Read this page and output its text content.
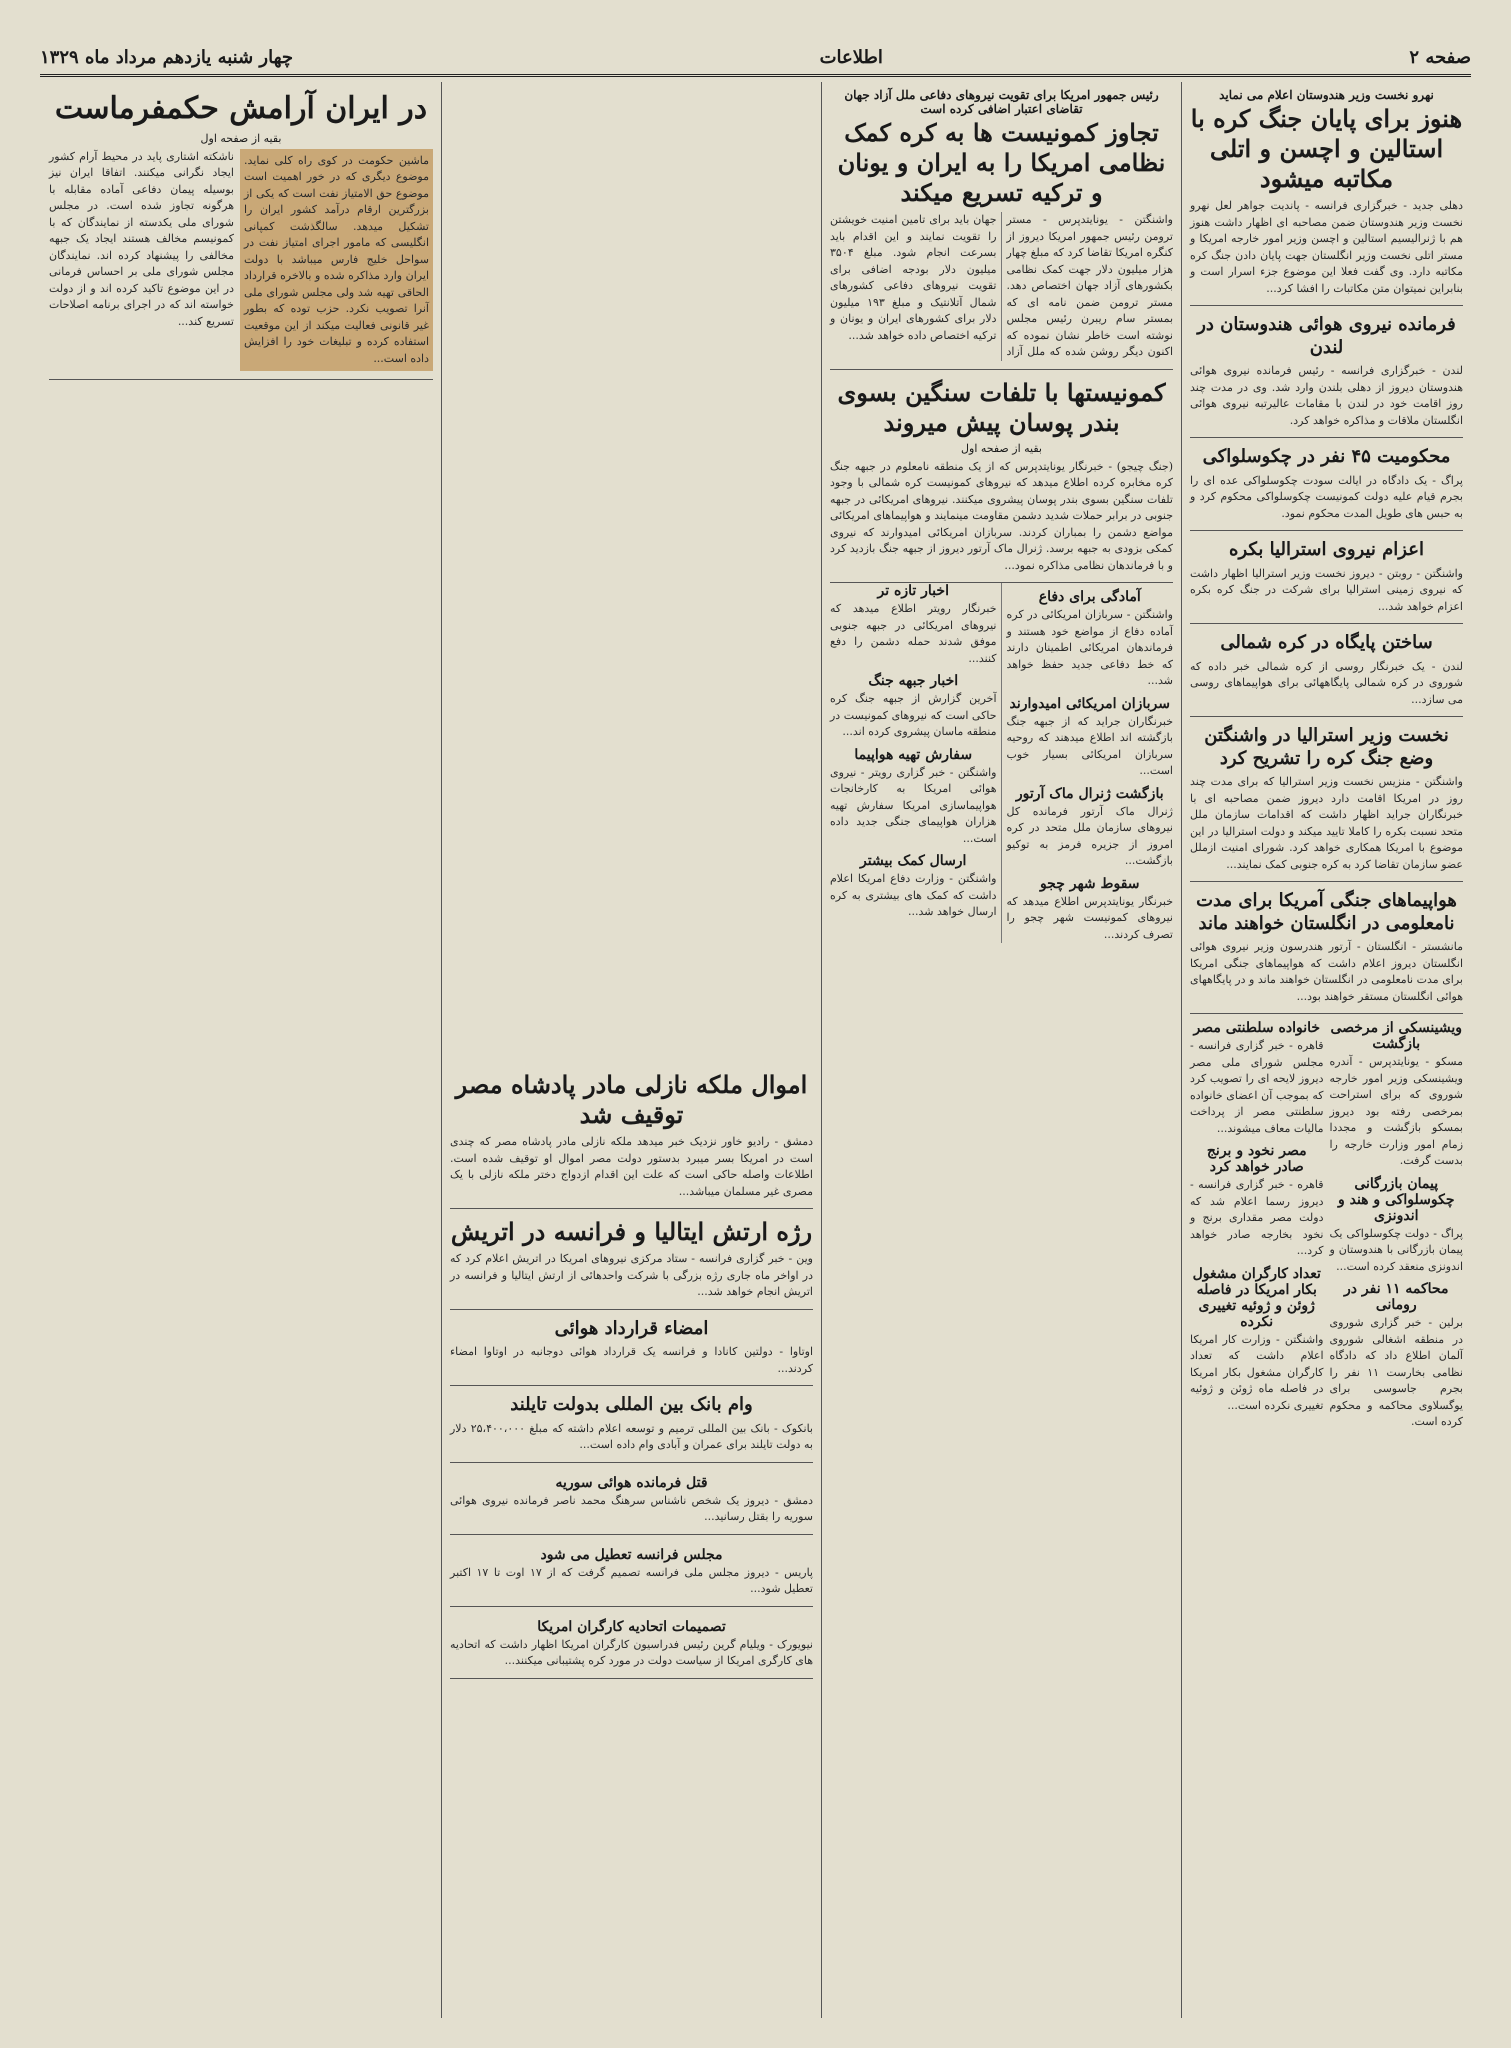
صفحه ۲
اطلاعات
چهار شنبه یازدهم مرداد ماه ۱۳۲۹
نهرو نخست وزیر هندوستان اعلام می نماید
هنوز برای پایان جنگ کره با استالین و اچسن و اتلی مکاتبه میشود
دهلی جدید - خبرگزاری فرانسه - پاندیت جواهر لعل نهرو نخست وزیر هندوستان ضمن مصاحبه ای اظهار داشت هنوز هم با ژنرالیسیم استالین و اچسن وزیر امور خارجه امریکا و مستر اتلی نخست وزیر انگلستان جهت پایان دادن جنگ کره مکاتبه دارد. وی گفت فعلا این موضوع جزء اسرار است و بنابراین نمیتوان متن مکاتبات را افشا کرد...
فرمانده نیروی هوائی هندوستان در لندن
لندن - خبرگزاری فرانسه - رئیس فرمانده نیروی هوائی هندوستان دیروز از دهلی بلندن وارد شد. وی در مدت چند روز اقامت خود در لندن با مقامات عالیرتبه نیروی هوائی انگلستان ملاقات و مذاکره خواهد کرد.
محکومیت ۴۵ نفر در چکوسلواکی
پراگ - یک دادگاه در ایالت سودت چکوسلواکی عده ای را بجرم قیام علیه دولت کمونیست چکوسلواکی محکوم کرد و به حبس های طویل المدت محکوم نمود.
اعزام نیروی استرالیا بکره
واشنگتن - روبتن - دیروز نخست وزیر استرالیا اظهار داشت که نیروی زمینی استرالیا برای شرکت در جنگ کره بکره اعزام خواهد شد...
ساختن پایگاه در کره شمالی
لندن - یک خبرنگار روسی از کره شمالی خبر داده که شوروی در کره شمالی پایگاههائی برای هواپیماهای روسی می سازد...
نخست وزیر استرالیا در واشنگتن وضع جنگ کره را تشریح کرد
واشنگتن - منزیس نخست وزیر استرالیا که برای مدت چند روز در امریکا اقامت دارد دیروز ضمن مصاحبه ای با خبرنگاران جراید اظهار داشت که اقدامات سازمان ملل متحد نسبت بکره را کاملا تایید میکند و دولت استرالیا در این موضوع با امریکا همکاری خواهد کرد. شورای امنیت ازملل عضو سازمان تقاضا کرد به کره جنوبی کمک نمایند...
هواپیماهای جنگی آمریکا برای مدت نامعلومی در انگلستان خواهند ماند
مانشستر - انگلستان - آرتور هندرسون وزیر نیروی هوائی انگلستان دیروز اعلام داشت که هواپیماهای جنگی امریکا برای مدت نامعلومی در انگلستان خواهند ماند و در پایگاههای هوائی انگلستان مستقر خواهند بود...
ویشینسکی از مرخصی بازگشت
مسکو - یونایتدپرس - آندره ویشینسکی وزیر امور خارجه شوروی که برای استراحت بمرخصی رفته بود دیروز بمسکو بازگشت و مجددا زمام امور وزارت خارجه را بدست گرفت.
پیمان بازرگانی چکوسلواکی و هند و اندونزی
پراگ - دولت چکوسلواکی یک پیمان بازرگانی با هندوستان و اندونزی منعقد کرده است...
محاکمه ۱۱ نفر در رومانی
برلین - خبر گزاری شوروی در منطقه اشغالی شوروی آلمان اطلاع داد که دادگاه نظامی بخارست ۱۱ نفر را بجرم جاسوسی برای یوگسلاوی محاکمه و محکوم کرده است.
خانواده سلطنتی مصر
قاهره - خبر گزاری فرانسه - مجلس شورای ملی مصر دیروز لایحه ای را تصویب کرد که بموجب آن اعضای خانواده سلطنتی مصر از پرداخت مالیات معاف میشوند...
مصر نخود و برنج صادر خواهد کرد
قاهره - خبر گزاری فرانسه - دیروز رسما اعلام شد که دولت مصر مقداری برنج و نخود بخارجه صادر خواهد کرد...
تعداد کارگران مشغول بکار امریکا در فاصله ژوئن و ژوئیه تغییری نکرده
واشنگتن - وزارت کار امریکا اعلام داشت که تعداد کارگران مشغول بکار امریکا در فاصله ماه ژوئن و ژوئیه تغییری نکرده است...
رئیس جمهور امریکا برای تقویت نیروهای دفاعی ملل آزاد جهان تقاضای اعتبار اضافی کرده است
تجاوز کمونیست ها به کره کمک نظامی امریکا را به ایران و یونان و ترکیه تسریع میکند
واشنگتن - یونایتدپرس - مستر ترومن رئیس جمهور امریکا دیروز از کنگره امریکا تقاضا کرد که مبلغ چهار هزار میلیون دلار جهت کمک نظامی بکشورهای آزاد جهان اختصاص دهد. مستر ترومن ضمن نامه ای که بمستر سام ریبرن رئیس مجلس نوشته است خاطر نشان نموده که اکنون دیگر روشن شده که ملل آزاد جهان باید برای تامین امنیت خویشتن را تقویت نمایند و این اقدام باید بسرعت انجام شود. مبلغ ۳۵۰۴ میلیون دلار بودجه اضافی برای تقویت نیروهای دفاعی کشورهای شمال آتلانتیک و مبلغ ۱۹۳ میلیون دلار برای کشورهای ایران و یونان و ترکیه اختصاص داده خواهد شد...
کمونیستها با تلفات سنگین بسوی بندر پوسان پیش میروند
بقیه از صفحه اول
(جنگ چیجو) - خبرنگار یونایتدپرس که از یک منطقه نامعلوم در جبهه جنگ کره مخابره کرده اطلاع میدهد که نیروهای کمونیست کره شمالی با وجود تلفات سنگین بسوی بندر پوسان پیشروی میکنند. نیروهای امریکائی در جبهه جنوبی در برابر حملات شدید دشمن مقاومت مینمایند و هواپیماهای امریکائی مواضع دشمن را بمباران کردند. سربازان امریکائی امیدوارند که نیروی کمکی بزودی به جبهه برسد. ژنرال ماک آرتور دیروز از جبهه جنگ بازدید کرد و با فرماندهان نظامی مذاکره نمود...
آمادگی برای دفاع
واشنگتن - سربازان امریکائی در کره آماده دفاع از مواضع خود هستند و فرماندهان امریکائی اطمینان دارند که خط دفاعی جدید حفظ خواهد شد...
سربازان امریکائی امیدوارند
خبرنگاران جراید که از جبهه جنگ بازگشته اند اطلاع میدهند که روحیه سربازان امریکائی بسیار خوب است...
بازگشت ژنرال ماک آرتور
ژنرال ماک آرتور فرمانده کل نیروهای سازمان ملل متحد در کره امروز از جزیره فرمز به توکیو بازگشت...
سقوط شهر چجو
خبرنگار یونایتدپرس اطلاع میدهد که نیروهای کمونیست شهر چجو را تصرف کردند...
اخبار تازه تر
خبرنگار رویتر اطلاع میدهد که نیروهای امریکائی در جبهه جنوبی موفق شدند حمله دشمن را دفع کنند...
اخبار جبهه جنگ
آخرین گزارش از جبهه جنگ کره حاکی است که نیروهای کمونیست در منطقه ماسان پیشروی کرده اند...
سفارش تهیه هواپیما
واشنگتن - خبر گزاری رویتر - نیروی هوائی امریکا به کارخانجات هواپیماسازی امریکا سفارش تهیه هزاران هواپیمای جنگی جدید داده است...
ارسال کمک بیشتر
واشنگتن - وزارت دفاع امریکا اعلام داشت که کمک های بیشتری به کره ارسال خواهد شد...
اموال ملکه نازلی مادر پادشاه مصر توقیف شد
دمشق - رادیو خاور نزدیک خبر میدهد ملکه نازلی مادر پادشاه مصر که چندی است در امریکا بسر میبرد بدستور دولت مصر اموال او توقیف شده است. اطلاعات واصله حاکی است که علت این اقدام ازدواج دختر ملکه نازلی با یک مصری غیر مسلمان میباشد...
رژه ارتش ایتالیا و فرانسه در اتریش
وین - خبر گزاری فرانسه - ستاد مرکزی نیروهای امریکا در اتریش اعلام کرد که در اواخر ماه جاری رژه بزرگی با شرکت واحدهائی از ارتش ایتالیا و فرانسه در اتریش انجام خواهد شد...
امضاء قرارداد هوائی
اوتاوا - دولتین کانادا و فرانسه یک قرارداد هوائی دوجانبه در اوتاوا امضاء کردند...
وام بانک بین المللی بدولت تایلند
بانکوک - بانک بین المللی ترمیم و توسعه اعلام داشته که مبلغ ۲۵،۴۰۰،۰۰۰ دلار به دولت تایلند برای عمران و آبادی وام داده است...
قتل فرمانده هوائی سوریه
دمشق - دیروز یک شخص ناشناس سرهنگ محمد ناصر فرمانده نیروی هوائی سوریه را بقتل رسانید...
مجلس فرانسه تعطیل می شود
پاریس - دیروز مجلس ملی فرانسه تصمیم گرفت که از ۱۷ اوت تا ۱۷ اکتبر تعطیل شود...
تصمیمات اتحادیه کارگران امریکا
نیویورک - ویلیام گرین رئیس فدراسیون کارگران امریکا اظهار داشت که اتحادیه های کارگری امریکا از سیاست دولت در مورد کره پشتیبانی میکنند...
در ایران آرامش حکمفرماست
بقیه از صفحه اول
ماشین حکومت در کوی راه کلی نماید. موضوع دیگری که در خور اهمیت است موضوع حق الامتیاز نفت است که یکی از بزرگترین ارقام درآمد کشور ایران را تشکیل میدهد. سالگذشت کمپانی انگلیسی که مامور اجرای امتیاز نفت در سواحل خلیج فارس میباشد با دولت ایران وارد مذاکره شده و بالاخره قرارداد الحاقی تهیه شد ولی مجلس شورای ملی آنرا تصویب نکرد. حزب توده که بطور غیر قانونی فعالیت میکند از این موقعیت استفاده کرده و تبلیغات خود را افزایش داده است...
ناشکته اشتاری پاید در محیط آرام کشور ایجاد نگرانی میکنند. اتفاقا ایران نیز بوسیله پیمان دفاعی آماده مقابله با هرگونه تجاوز شده است. در مجلس شورای ملی یکدسته از نمایندگان که با کمونیسم مخالف هستند ایجاد یک جبهه مخالفی را پیشنهاد کرده اند. نمایندگان مجلس شورای ملی بر احساس فرمانی در این موضوع تاکید کرده اند و از دولت خواسته اند که در اجرای برنامه اصلاحات تسریع کند...
